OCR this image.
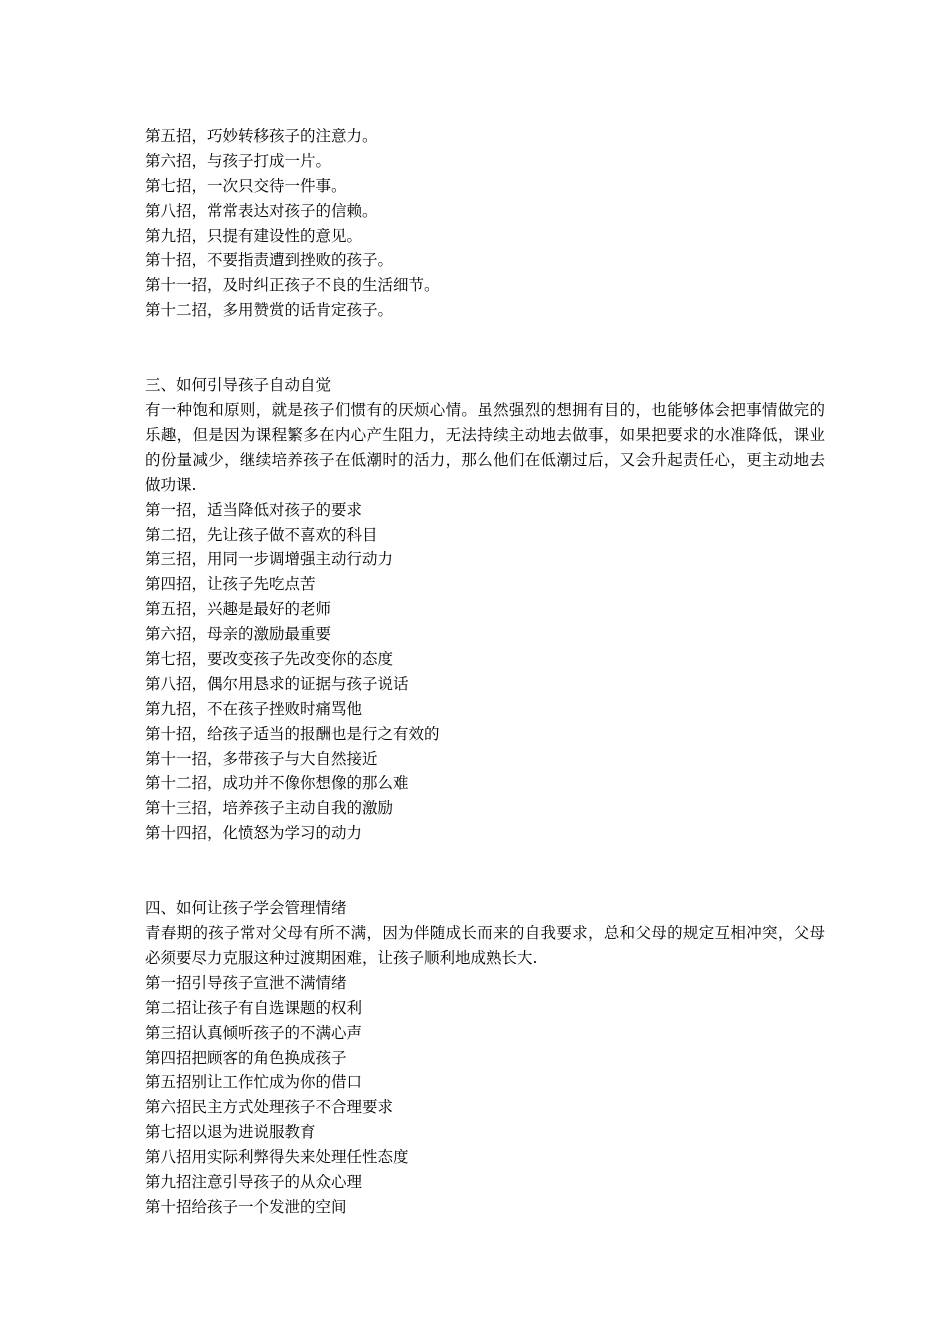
第五招，巧妙转移孩子的注意力。

第六招，与孩子打成一片。

第七招，一次只交待一件事。

第八招，常常表达对孩子的信赖。

第九招，只提有建设性的意见。

第十招，不要指责遭到挫败的孩子。

第十一招，及时纠正孩子不良的生活细节。

第十二招，多用赞赏的话肯定孩子。

三、如何引导孩子自动自觉

有一种饱和原则，就是孩子们惯有的厌烦心情。虽然强烈的想拥有目的，也能够体会把事情做完的乐趣，但是因为课程繁多在内心产生阻力，无法持续主动地去做事，如果把要求的水准降低，课业的份量减少，继续培养孩子在低潮时的活力，那么他们在低潮过后，又会升起责任心，更主动地去做功课.

第一招，适当降低对孩子的要求

第二招，先让孩子做不喜欢的科目

第三招，用同一步调增强主动行动力

第四招，让孩子先吃点苦

第五招，兴趣是最好的老师

第六招，母亲的激励最重要

第七招，要改变孩子先改变你的态度

第八招，偶尔用恳求的证据与孩子说话

第九招，不在孩子挫败时痛骂他

第十招，给孩子适当的报酬也是行之有效的

第十一招，多带孩子与大自然接近

第十二招，成功并不像你想像的那么难

第十三招，培养孩子主动自我的激励

第十四招，化愤怒为学习的动力

四、如何让孩子学会管理情绪

青春期的孩子常对父母有所不满，因为伴随成长而来的自我要求，总和父母的规定互相冲突，父母必须要尽力克服这种过渡期困难，让孩子顺利地成熟长大.

第一招引导孩子宣泄不满情绪

第二招让孩子有自选课题的权利

第三招认真倾听孩子的不满心声

第四招把顾客的角色换成孩子

第五招别让工作忙成为你的借口

第六招民主方式处理孩子不合理要求

第七招以退为进说服教育

第八招用实际利弊得失来处理任性态度

第九招注意引导孩子的从众心理

第十招给孩子一个发泄的空间
